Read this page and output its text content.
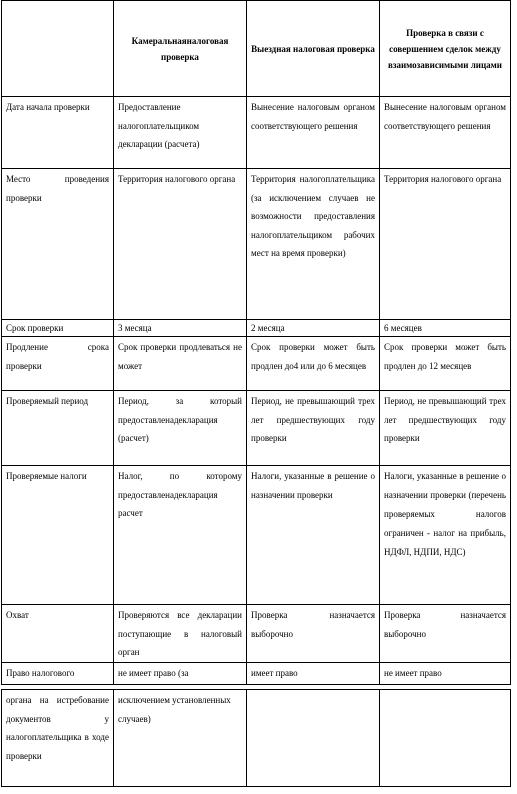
	Камеральнаяналоговая проверка	Выездная налоговая проверка	Проверка в связи с совершением сделок между взаимозависимыми лицами
Дата начала проверки	Предоставление налогоплательщиком декларации (расчета)	Вынесение налоговым органом соответствующего решения	Вынесение налоговым органом соответствующего решения
Место проведения проверки	Территория налогового органа	Территория налогоплательщика (за исключением случаев не возможности предоставления налогоплательщиком рабочих мест на время проверки)	Территория налогового органа
Срок проверки	3 месяца	2 месяца	6 месяцев
Продление срока проверки	Срок проверки продлеваться не может	Срок проверки может быть продлен до4 или до 6 месяцев	Срок проверки может быть продлен до 12 месяцев
Проверяемый период	Период, за который предоставленадекларация (расчет)	Период, не превышающий трех лет предшествующих году проверки	Период, не превышающий трех лет предшествующих году проверки
Проверяемые налоги	Налог, по которому предоставленадекларация расчет	Налоги, указанные в решение о назначении проверки	Налоги, указанные в решение о назначении проверки (перечень проверяемых налогов ограничен - налог на прибыль, НДФЛ, НДПИ, НДС)
Охват	Проверяются все декларации поступающие в налоговый орган	Проверка назначается выборочно	Проверка назначается выборочно
Право налогового	не имеет право (за	имеет право	не имеет право
органа на истребование документов у налогоплательщика в ходе проверки	исключением установленных случаев)		
